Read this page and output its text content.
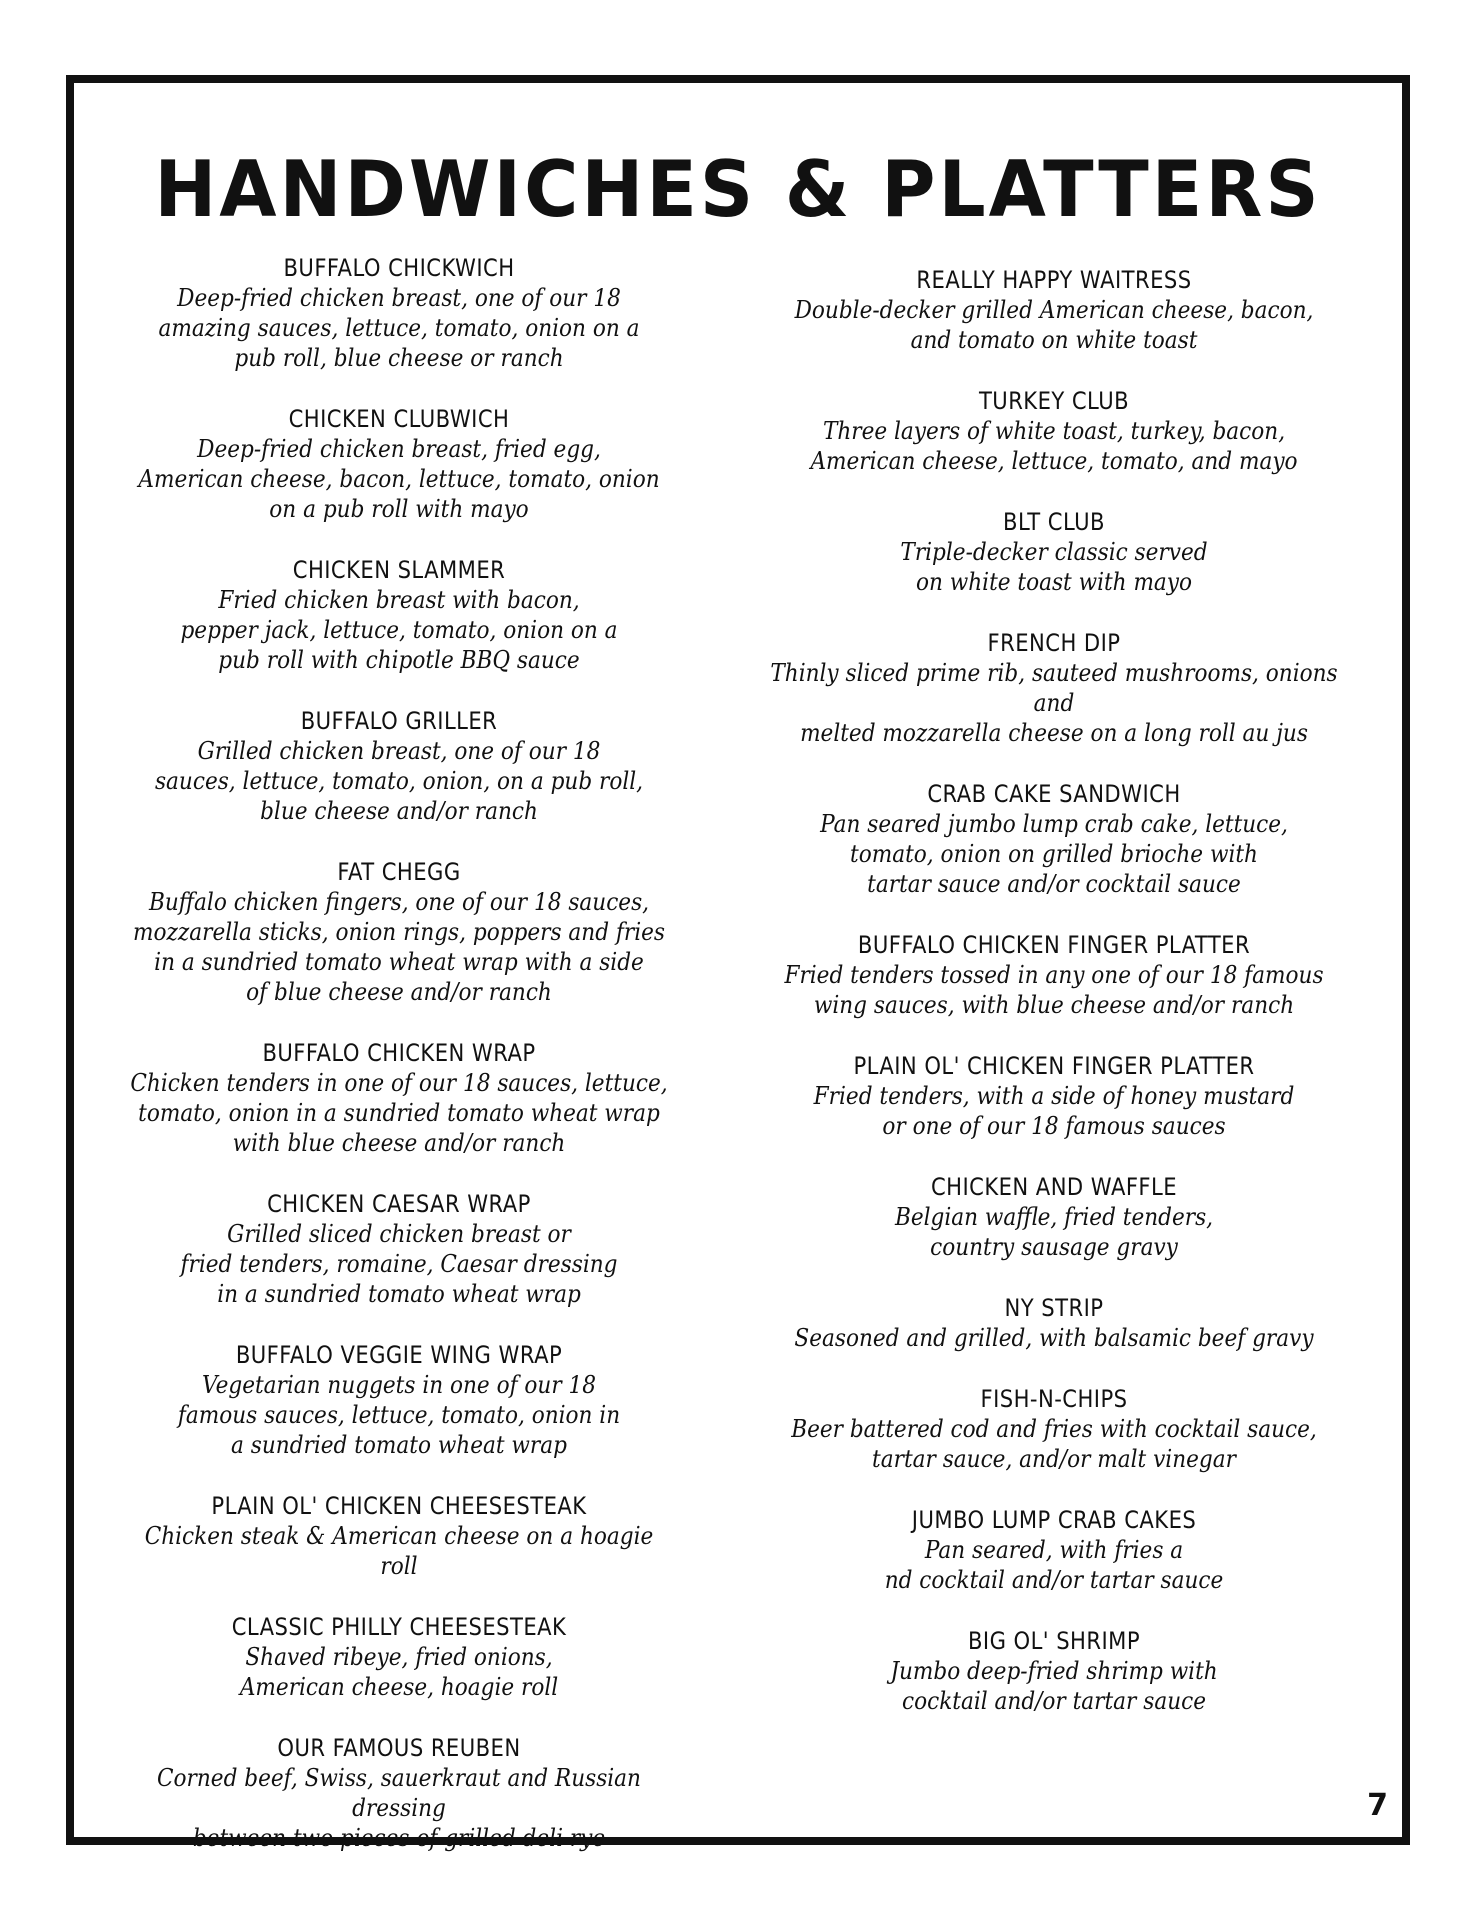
HANDWICHES & PLATTERS
BUFFALO CHICKWICH
Deep-fried chicken breast, one of our 18
amazing sauces, lettuce, tomato, onion on a
pub roll, blue cheese or ranch
CHICKEN CLUBWICH
Deep-fried chicken breast, fried egg,
American cheese, bacon, lettuce, tomato, onion
on a pub roll with mayo
CHICKEN SLAMMER
Fried chicken breast with bacon,
pepper jack, lettuce, tomato, onion on a
pub roll with chipotle BBQ sauce
BUFFALO GRILLER
Grilled chicken breast, one of our 18
sauces, lettuce, tomato, onion, on a pub roll,
blue cheese and/or ranch
FAT CHEGG
Buffalo chicken fingers, one of our 18 sauces,
mozzarella sticks, onion rings, poppers and fries
in a sundried tomato wheat wrap with a side
of blue cheese and/or ranch
BUFFALO CHICKEN WRAP
Chicken tenders in one of our 18 sauces, lettuce,
tomato, onion in a sundried tomato wheat wrap
with blue cheese and/or ranch
CHICKEN CAESAR WRAP
Grilled sliced chicken breast or
fried tenders, romaine, Caesar dressing
in a sundried tomato wheat wrap
BUFFALO VEGGIE WING WRAP
Vegetarian nuggets in one of our 18
famous sauces, lettuce, tomato, onion in
a sundried tomato wheat wrap
PLAIN OL' CHICKEN CHEESESTEAK
Chicken steak & American cheese on a hoagie roll
CLASSIC PHILLY CHEESESTEAK
Shaved ribeye, fried onions,
American cheese, hoagie roll
OUR FAMOUS REUBEN
Corned beef, Swiss, sauerkraut and Russian dressing
between two pieces of grilled deli rye
REALLY HAPPY WAITRESS
Double-decker grilled American cheese, bacon,
and tomato on white toast
TURKEY CLUB
Three layers of white toast, turkey, bacon,
American cheese, lettuce, tomato, and mayo
BLT CLUB
Triple-decker classic served
on white toast with mayo
FRENCH DIP
Thinly sliced prime rib, sauteed mushrooms, onions and
melted mozzarella cheese on a long roll au jus
CRAB CAKE SANDWICH
Pan seared jumbo lump crab cake, lettuce,
tomato, onion on grilled brioche with
tartar sauce and/or cocktail sauce
BUFFALO CHICKEN FINGER PLATTER
Fried tenders tossed in any one of our 18 famous
wing sauces, with blue cheese and/or ranch
PLAIN OL' CHICKEN FINGER PLATTER
Fried tenders, with a side of honey mustard
or one of our 18 famous sauces
CHICKEN AND WAFFLE
Belgian waffle, fried tenders,
country sausage gravy
NY STRIP
Seasoned and grilled, with balsamic beef gravy
FISH-N-CHIPS
Beer battered cod and fries with cocktail sauce,
tartar sauce, and/or malt vinegar
JUMBO LUMP CRAB CAKES
Pan seared, with fries a
nd cocktail and/or tartar sauce
BIG OL' SHRIMP
Jumbo deep-fried shrimp with
cocktail and/or tartar sauce
7
